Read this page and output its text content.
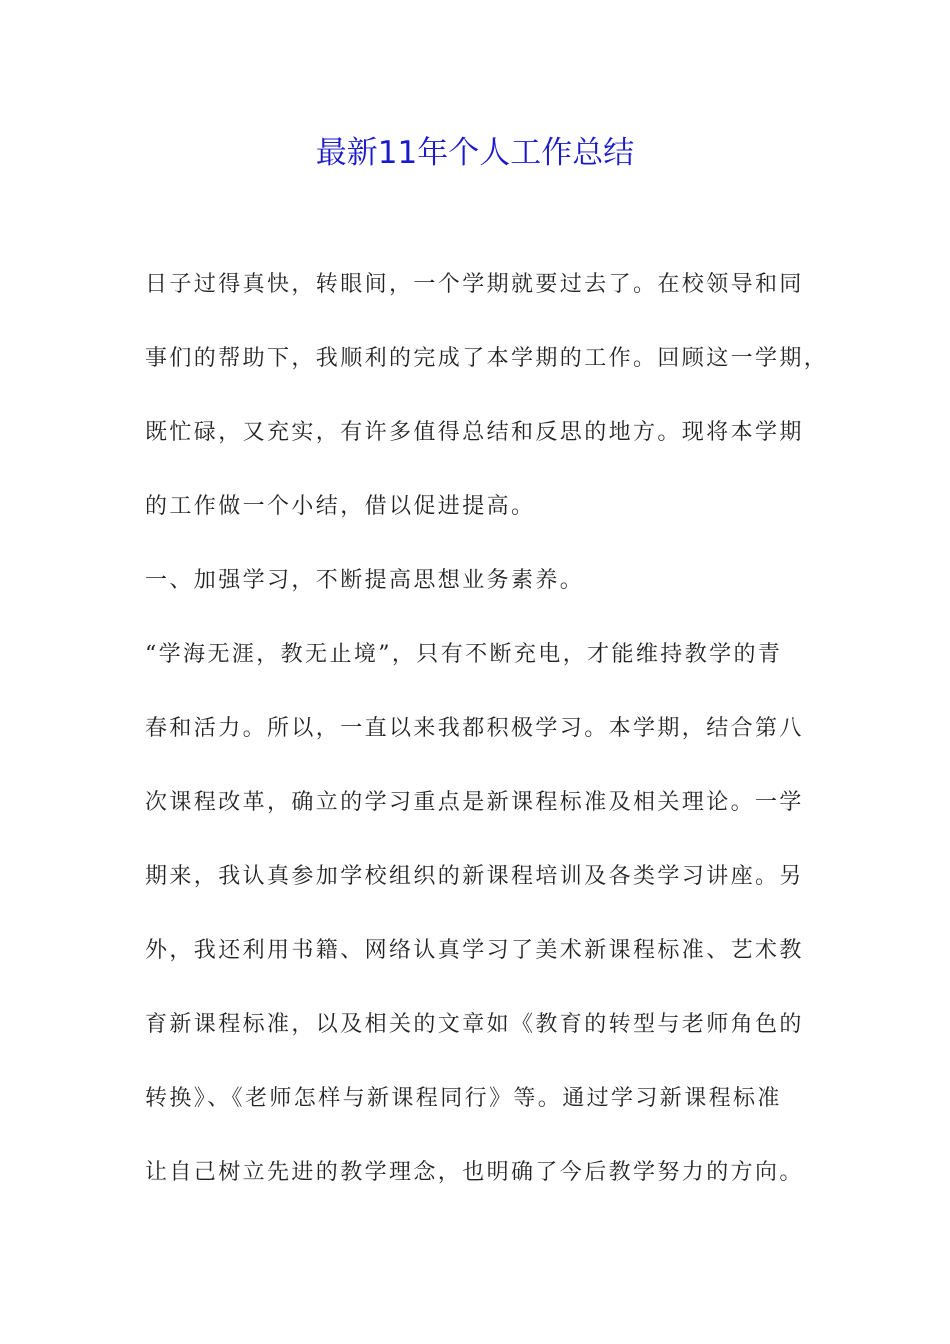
最新11年个人工作总结
日子过得真快，转眼间，一个学期就要过去了。在校领导和同
事们的帮助下，我顺利的完成了本学期的工作。回顾这一学期，
既忙碌，又充实，有许多值得总结和反思的地方。现将本学期
的工作做一个小结，借以促进提高。
一、加强学习，不断提高思想业务素养。
“学海无涯，教无止境”，只有不断充电，才能维持教学的青
春和活力。所以，一直以来我都积极学习。本学期，结合第八
次课程改革，确立的学习重点是新课程标准及相关理论。一学
期来，我认真参加学校组织的新课程培训及各类学习讲座。另
外，我还利用书籍、网络认真学习了美术新课程标准、艺术教
育新课程标准，以及相关的文章如《教育的转型与老师角色的
转换》、《老师怎样与新课程同行》等。通过学习新课程标准
让自己树立先进的教学理念，也明确了今后教学努力的方向。
